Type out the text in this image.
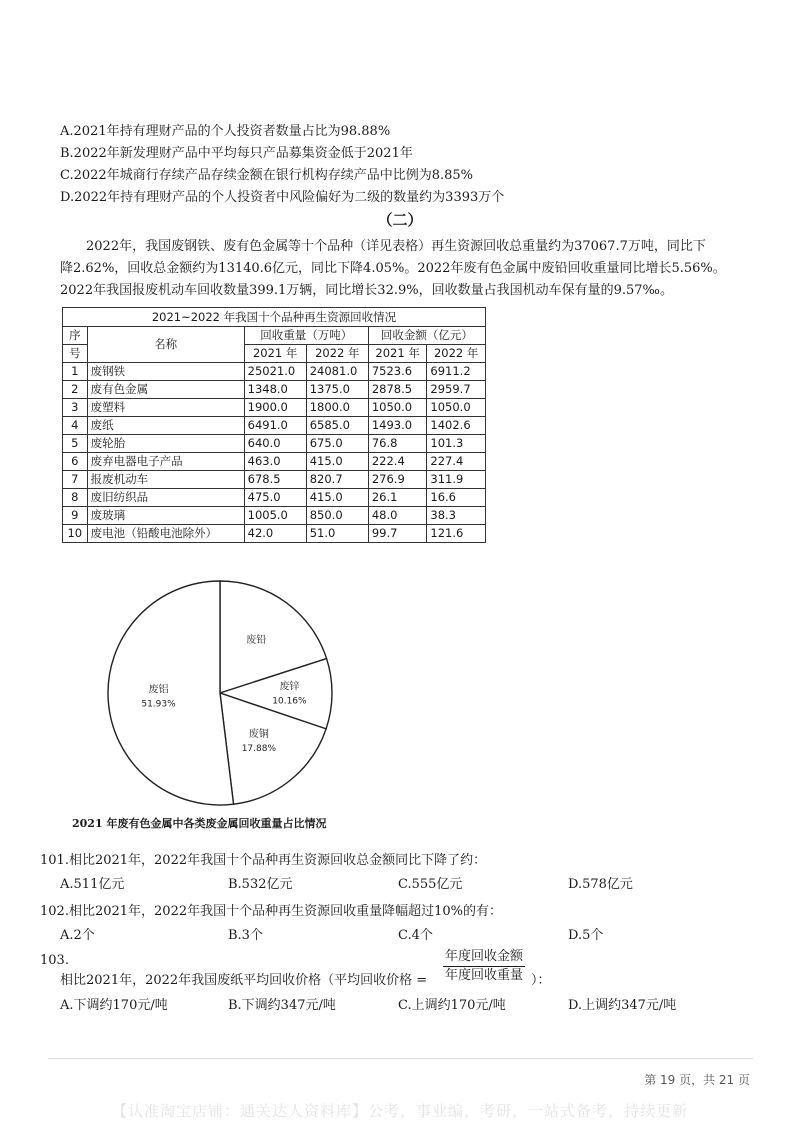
A.2021年持有理财产品的个人投资者数量占比为98.88%
B.2022年新发理财产品中平均每只产品募集资金低于2021年
C.2022年城商行存续产品存续金额在银行机构存续产品中比例为8.85%
D.2022年持有理财产品的个人投资者中风险偏好为二级的数量约为3393万个
（二）
2022年，我国废钢铁、废有色金属等十个品种（详见表格）再生资源回收总重量约为37067.7万吨，同比下
降2.62%，回收总金额约为13140.6亿元，同比下降4.05%。2022年废有色金属中废铅回收重量同比增长5.56%。
2022年我国报废机动车回收数量399.1万辆，同比增长32.9%，回收数量占我国机动车保有量的9.57‰。
2021~2022 年我国十个品种再生资源回收情况					
序	名称	回收重量（万吨）		回收金额（亿元）	
号		2021 年	2022 年	2021 年	2022 年
1	废钢铁	25021.0	24081.0	7523.6	6911.2
2	废有色金属	1348.0	1375.0	2878.5	2959.7
3	废塑料	1900.0	1800.0	1050.0	1050.0
4	废纸	6491.0	6585.0	1493.0	1402.6
5	废轮胎	640.0	675.0	76.8	101.3
6	废弃电器电子产品	463.0	415.0	222.4	227.4
7	报废机动车	678.5	820.7	276.9	311.9
8	废旧纺织品	475.0	415.0	26.1	16.6
9	废玻璃	1005.0	850.0	48.0	38.3
10	废电池（铅酸电池除外）	42.0	51.0	99.7	121.6
废铅
废锌
10.16%
废铜
17.88%
废铝
51.93%
2021 年废有色金属中各类废金属回收重量占比情况
101.相比2021年，2022年我国十个品种再生资源回收总金额同比下降了约：
A.511亿元	B.532亿元	C.555亿元	D.578亿元
102.相比2021年，2022年我国十个品种再生资源回收重量降幅超过10%的有：
A.2个	B.3个	C.4个	D.5个
103.
相比2021年，2022年我国废纸平均回收价格（平均回收价格 =
年度回收金额
年度回收重量 ）：
A.下调约170元/吨	B.下调约347元/吨	C.上调约170元/吨	D.上调约347元/吨
第 19 页，共 21 页
【认准淘宝店铺：通关达人资料库】公考，事业编，考研，一站式备考，持续更新
